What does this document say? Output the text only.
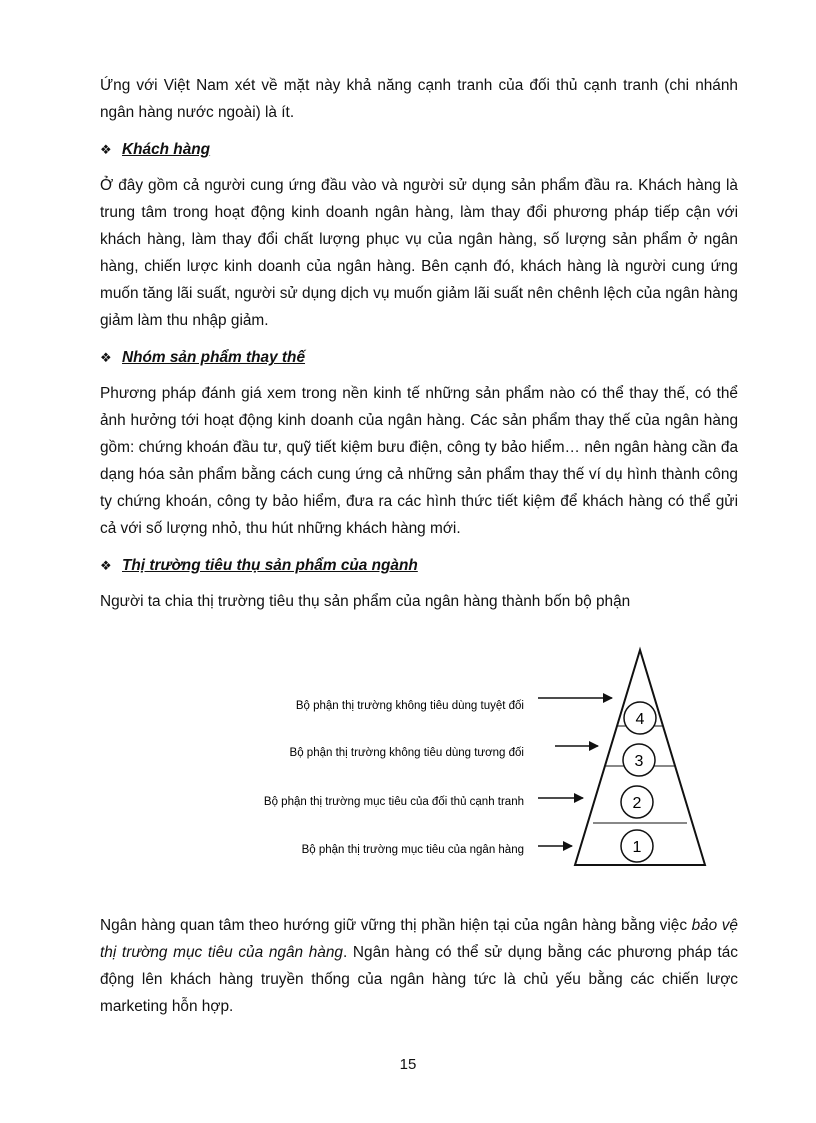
Ứng với Việt Nam xét về mặt này khả năng cạnh tranh của đối thủ cạnh tranh (chi nhánh ngân hàng nước ngoài) là ít.

❖ Khách hàng

Ở đây gồm cả người cung ứng đầu vào và người sử dụng sản phẩm đầu ra. Khách hàng là trung tâm trong hoạt động kinh doanh ngân hàng, làm thay đổi phương pháp tiếp cận với khách hàng, làm thay đổi chất lượng phục vụ của ngân hàng, số lượng sản phẩm ở ngân hàng, chiến lược kinh doanh của ngân hàng. Bên cạnh đó, khách hàng là người cung ứng muốn tăng lãi suất, người sử dụng dịch vụ muốn giảm lãi suất nên chênh lệch của ngân hàng giảm làm thu nhập giảm.

❖ Nhóm sản phẩm thay thế

Phương pháp đánh giá xem trong nền kinh tế những sản phẩm nào có thể thay thế, có thể ảnh hưởng tới hoạt động kinh doanh của ngân hàng. Các sản phẩm thay thế của ngân hàng gồm: chứng khoán đầu tư, quỹ tiết kiệm bưu điện, công ty bảo hiểm… nên ngân hàng cần đa dạng hóa sản phẩm bằng cách cung ứng cả những sản phẩm thay thế ví dụ hình thành công ty chứng khoán, công ty bảo hiểm, đưa ra các hình thức tiết kiệm để khách hàng có thể gửi cả với số lượng nhỏ, thu hút những khách hàng mới.

❖ Thị trường tiêu thụ sản phẩm của ngành

Người ta chia thị trường tiêu thụ sản phẩm của ngân hàng thành bốn bộ phận

4
3
2
1
Bộ phận thị trường không tiêu dùng tuyệt đối
Bộ phận thị trường không tiêu dùng tương đối
Bộ phận thị trường mục tiêu của đối thủ cạnh tranh
Bộ phận thị trường mục tiêu của ngân hàng

Ngân hàng quan tâm theo hướng giữ vững thị phần hiện tại của ngân hàng bằng việc bảo vệ thị trường mục tiêu của ngân hàng. Ngân hàng có thể sử dụng bằng các phương pháp tác động lên khách hàng truyền thống của ngân hàng tức là chủ yếu bằng các chiến lược marketing hỗn hợp.

15
